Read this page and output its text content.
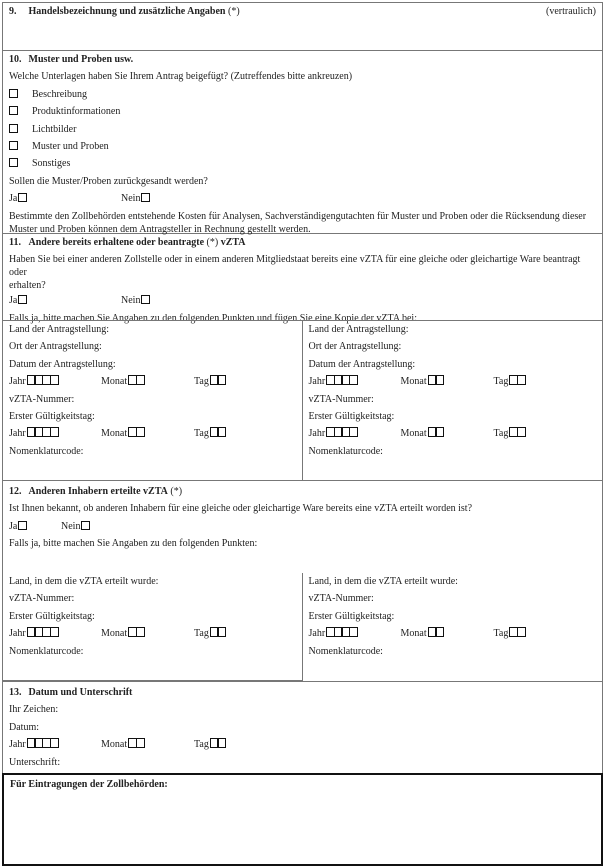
9. Handelsbezeichnung und zusätzliche Angaben (*)	(vertraulich)
10. Muster und Proben usw.
Welche Unterlagen haben Sie Ihrem Antrag beigefügt? (Zutreffendes bitte ankreuzen)
Beschreibung
Produktinformationen
Lichtbilder
Muster und Proben
Sonstiges
Sollen die Muster/Proben zurückgesandt werden?
Ja	Nein
Bestimmte den Zollbehörden entstehende Kosten für Analysen, Sachverständigengutachten für Muster und Proben oder die Rücksendung dieser
Muster und Proben können dem Antragsteller in Rechnung gestellt werden.
11. Andere bereits erhaltene oder beantragte (*) vZTA
Haben Sie bei einer anderen Zollstelle oder in einem anderen Mitgliedstaat bereits eine vZTA für eine gleiche oder gleichartige Ware beantragt oder
erhalten?
Ja	Nein
Falls ja, bitte machen Sie Angaben zu den folgenden Punkten und fügen Sie eine Kopie der vZTA bei:
Land der Antragstellung:
Ort der Antragstellung:
Datum der Antragstellung:
Jahr	Monat	Tag
vZTA-Nummer:
Erster Gültigkeitstag:
Jahr	Monat	Tag
Nomenklaturcode:
Land der Antragstellung:
Ort der Antragstellung:
Datum der Antragstellung:
Jahr	Monat	Tag
vZTA-Nummer:
Erster Gültigkeitstag:
Jahr	Monat	Tag
Nomenklaturcode:
12. Anderen Inhabern erteilte vZTA (*)
Ist Ihnen bekannt, ob anderen Inhabern für eine gleiche oder gleichartige Ware bereits eine vZTA erteilt worden ist?
Ja	Nein
Falls ja, bitte machen Sie Angaben zu den folgenden Punkten:
Land, in dem die vZTA erteilt wurde:
vZTA-Nummer:
Erster Gültigkeitstag:
Jahr	Monat	Tag
Nomenklaturcode:
Land, in dem die vZTA erteilt wurde:
vZTA-Nummer:
Erster Gültigkeitstag:
Jahr	Monat	Tag
Nomenklaturcode:
13. Datum und Unterschrift
Ihr Zeichen:
Datum:
Jahr	Monat	Tag
Unterschrift:
Für Eintragungen der Zollbehörden:
